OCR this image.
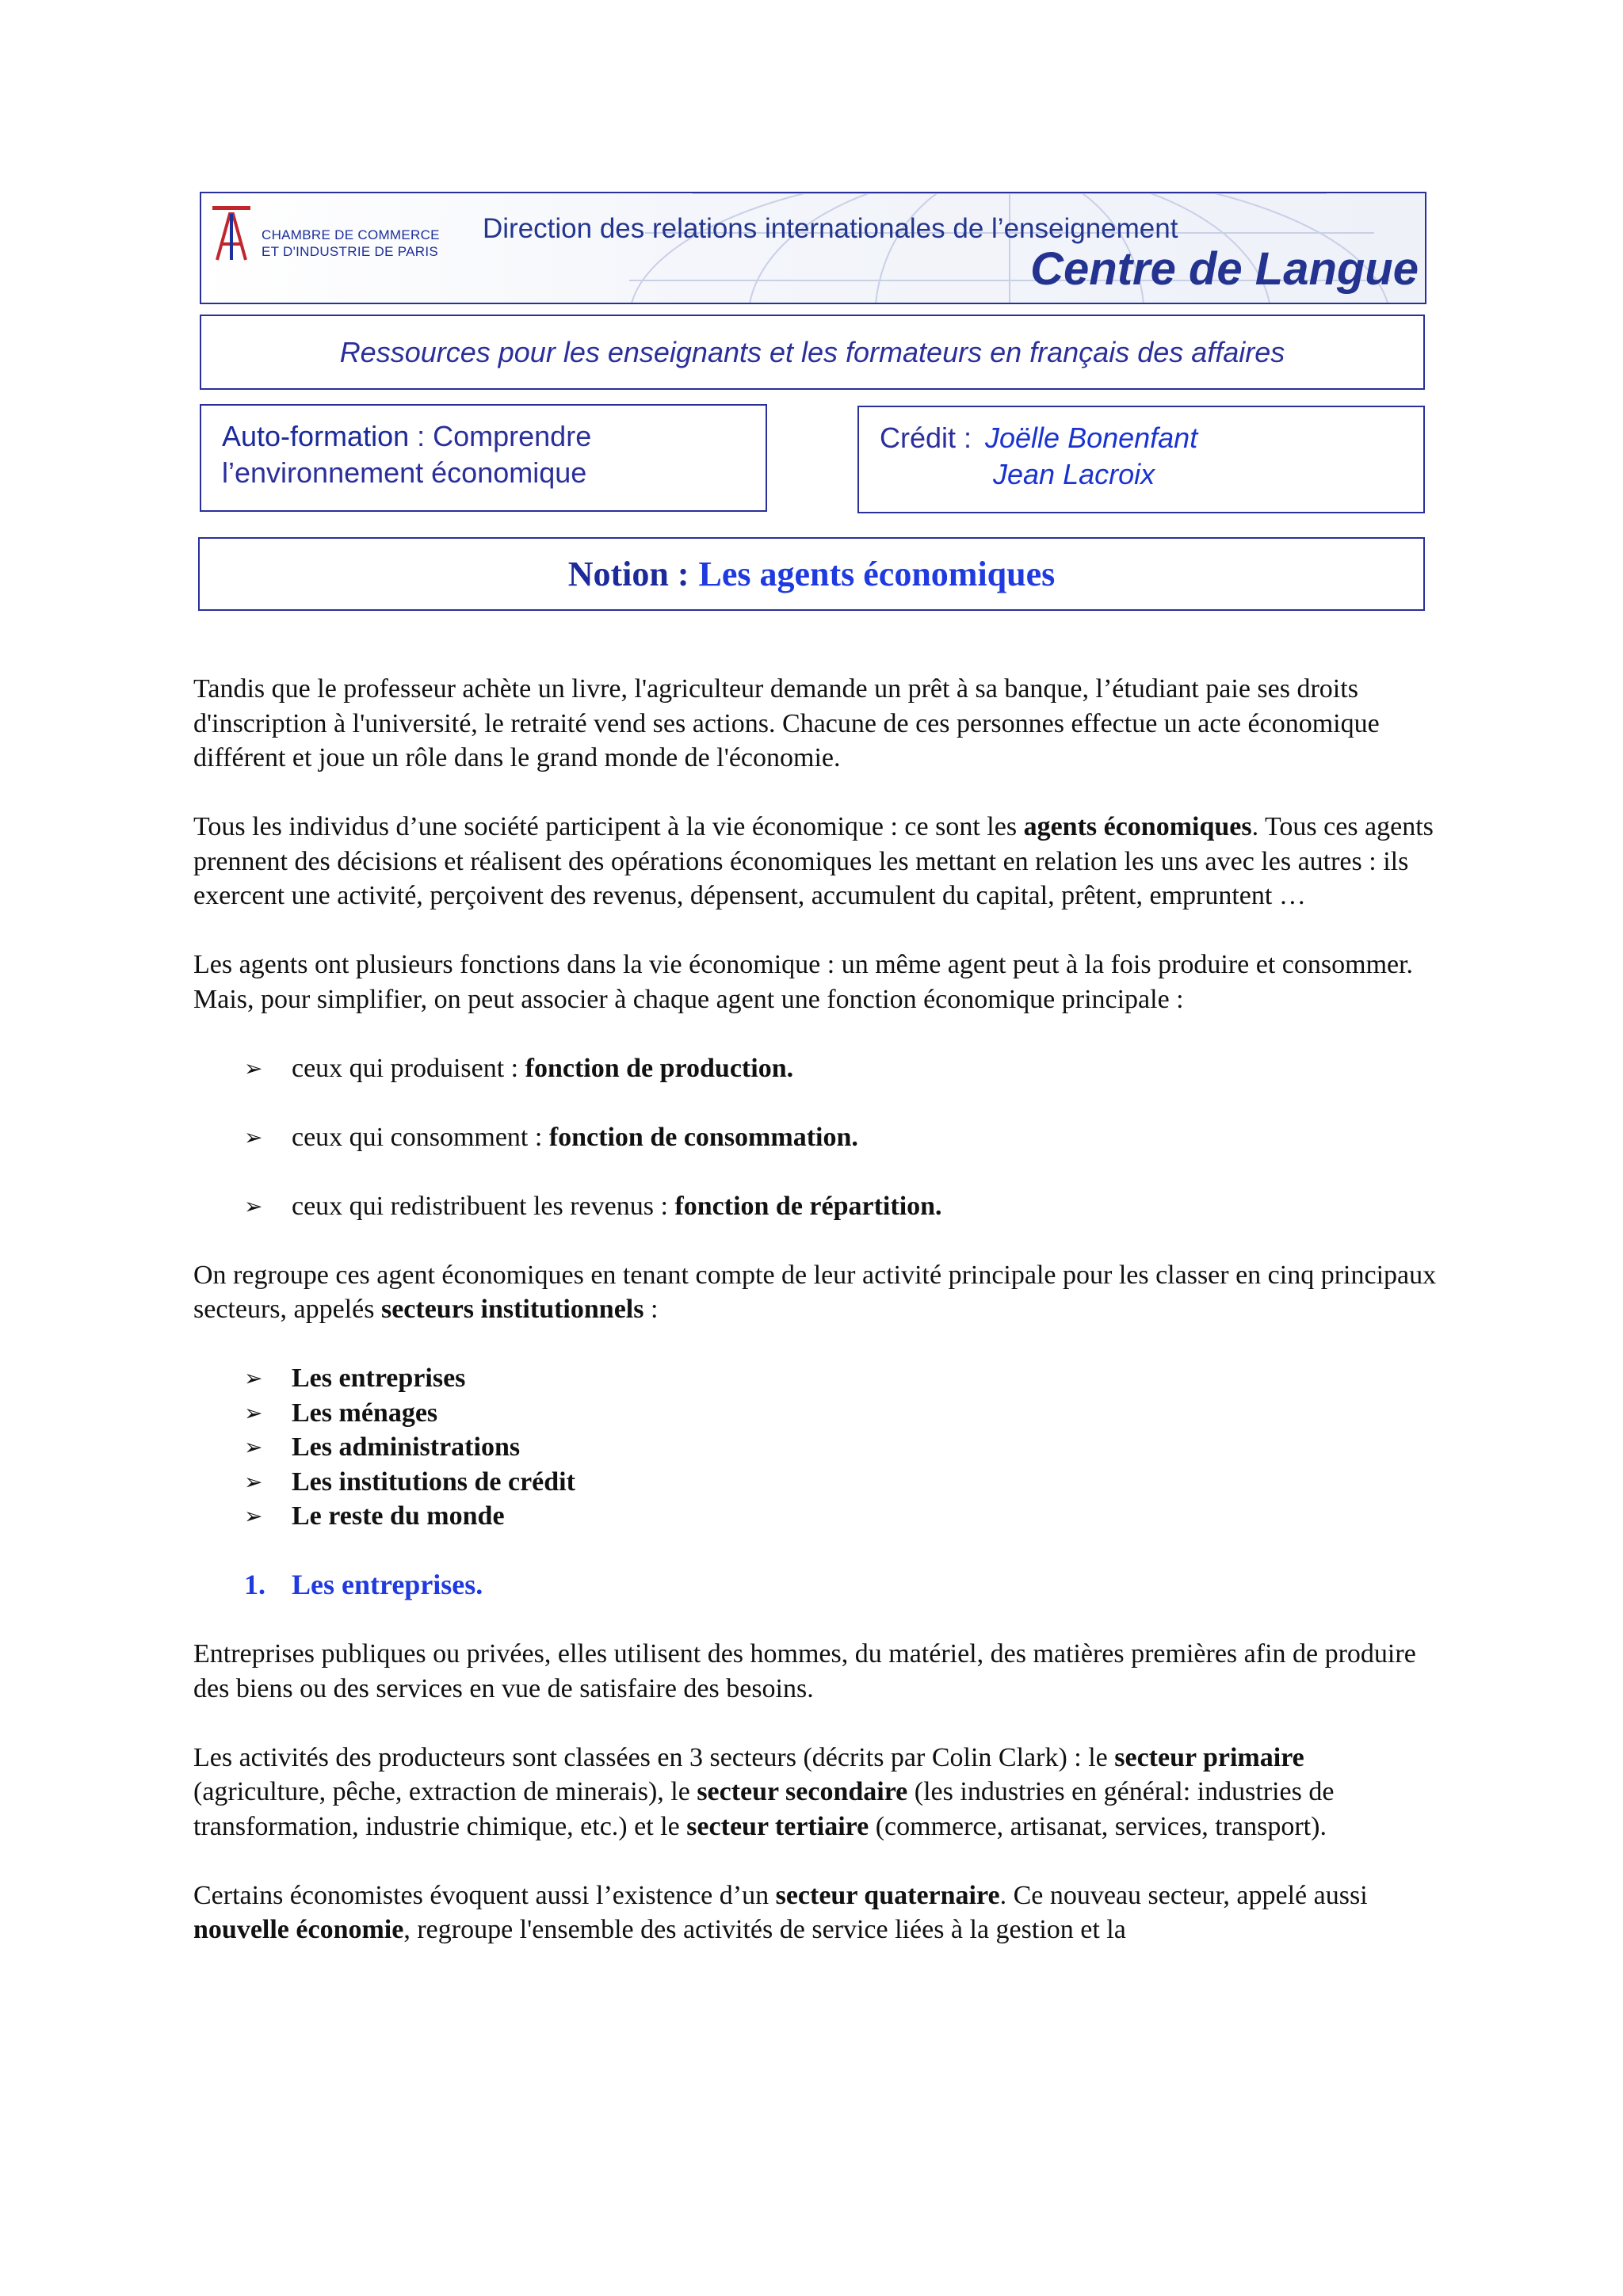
CHAMBRE DE COMMERCE
ET D'INDUSTRIE DE PARIS
Direction des relations internationales de l’enseignement
Centre de Langue
Ressources pour les enseignants et les formateurs en français des affaires
Auto-formation : Comprendre
l’environnement économique
Crédit : Joëlle Bonenfant
Jean Lacroix
Notion : Les agents économiques

Tandis que le professeur achète un livre, l'agriculteur demande un prêt à sa banque, l’étudiant paie ses droits d'inscription à l'université, le retraité vend ses actions. Chacune de ces personnes effectue un acte économique différent et joue un rôle dans le grand monde de l'économie.

Tous les individus d’une société participent à la vie économique : ce sont les agents économiques. Tous ces agents prennent des décisions et réalisent des opérations économiques les mettant en relation les uns avec les autres : ils exercent une activité, perçoivent des revenus, dépensent, accumulent du capital, prêtent, empruntent …

Les agents ont plusieurs fonctions dans la vie économique : un même agent peut à la fois produire et consommer. Mais, pour simplifier, on peut associer à chaque agent une fonction économique principale :

➢	ceux qui produisent : fonction de production.
➢	ceux qui consomment : fonction de consommation.
➢	ceux qui redistribuent les revenus : fonction de répartition.

On regroupe ces agent économiques en tenant compte de leur activité principale pour les classer en cinq principaux secteurs, appelés secteurs institutionnels :

➢	Les entreprises
➢	Les ménages
➢	Les administrations
➢	Les institutions de crédit
➢	Le reste du monde
1. Les entreprises.

Entreprises publiques ou privées, elles utilisent des hommes, du matériel, des matières premières afin de produire des biens ou des services en vue de satisfaire des besoins.

Les activités des producteurs sont classées en 3 secteurs (décrits par Colin Clark) : le secteur primaire (agriculture, pêche, extraction de minerais), le secteur secondaire (les industries en général: industries de transformation, industrie chimique, etc.) et le secteur tertiaire (commerce, artisanat, services, transport).

Certains économistes évoquent aussi l’existence d’un secteur quaternaire. Ce nouveau secteur, appelé aussi nouvelle économie, regroupe l'ensemble des activités de service liées à la gestion et la
